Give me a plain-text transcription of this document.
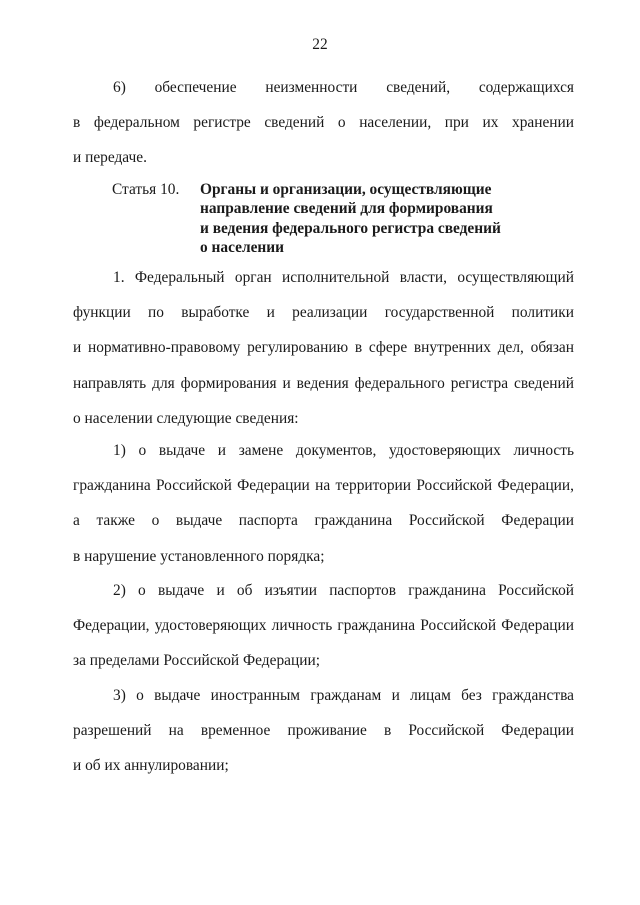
22
6) обеспечение неизменности сведений, содержащихся
в федеральном регистре сведений о населении, при их хранении
и передаче.
Статья 10. Органы и организации, осуществляющие
направление сведений для формирования
и ведения федерального регистра сведений
о населении
1. Федеральный орган исполнительной власти, осуществляющий
функции по выработке и реализации государственной политики
и нормативно-правовому регулированию в сфере внутренних дел, обязан
направлять для формирования и ведения федерального регистра сведений
о населении следующие сведения:
1) о выдаче и замене документов, удостоверяющих личность
гражданина Российской Федерации на территории Российской Федерации,
а также о выдаче паспорта гражданина Российской Федерации
в нарушение установленного порядка;
2) о выдаче и об изъятии паспортов гражданина Российской
Федерации, удостоверяющих личность гражданина Российской Федерации
за пределами Российской Федерации;
3) о выдаче иностранным гражданам и лицам без гражданства
разрешений на временное проживание в Российской Федерации
и об их аннулировании;
